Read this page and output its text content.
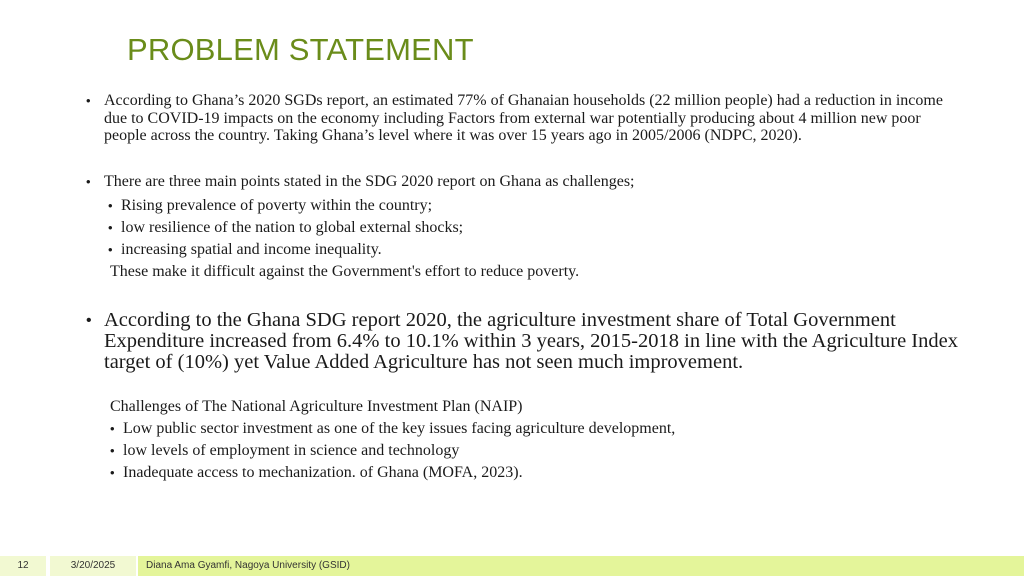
PROBLEM STATEMENT
• According to Ghana’s 2020 SGDs report, an estimated 77% of Ghanaian households (22 million people) had a reduction in income due to COVID-19 impacts on the economy including Factors from external war potentially producing about 4 million new poor people across the country. Taking Ghana’s level where it was over 15 years ago in 2005/2006 (NDPC, 2020).
• There are three main points stated in the SDG 2020 report on Ghana as challenges;
• Rising prevalence of poverty within the country;
• low resilience of the nation to global external shocks;
• increasing spatial and income inequality.
These make it difficult against the Government's effort to reduce poverty.
• According to the Ghana SDG report 2020, the agriculture investment share of Total Government Expenditure increased from 6.4% to 10.1% within 3 years, 2015-2018 in line with the Agriculture Index target of (10%) yet Value Added Agriculture has not seen much improvement.
Challenges of The National Agriculture Investment Plan (NAIP)
• Low public sector investment as one of the key issues facing agriculture development,
• low levels of employment in science and technology
• Inadequate access to mechanization. of Ghana (MOFA, 2023).
12	3/20/2025	Diana Ama Gyamfi, Nagoya University (GSID)
